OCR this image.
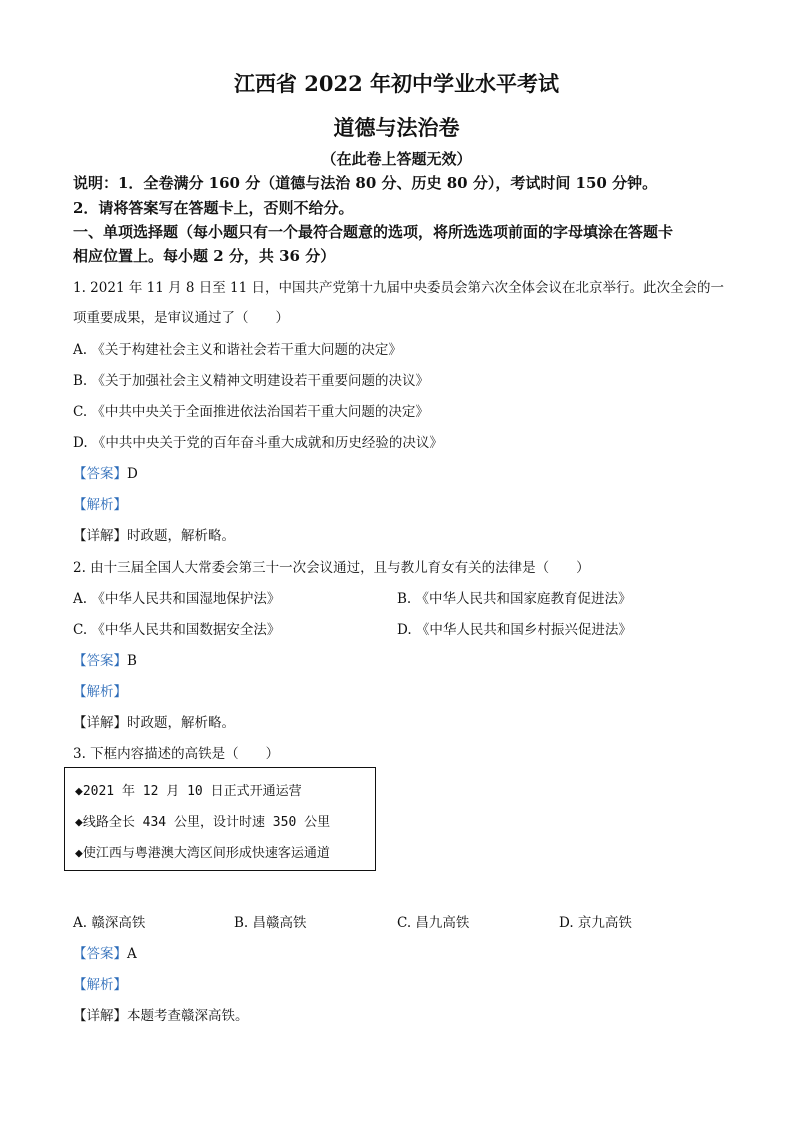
江西省 2022 年初中学业水平考试
道德与法治卷
（在此卷上答题无效）
说明：1．全卷满分 160 分（道德与法治 80 分、历史 80 分），考试时间 150 分钟。
2．请将答案写在答题卡上，否则不给分。
一、单项选择题（每小题只有一个最符合题意的选项，将所选选项前面的字母填涂在答题卡
相应位置上。每小题 2 分，共 36 分）
1. 2021 年 11 月 8 日至 11 日，中国共产党第十九届中央委员会第六次全体会议在北京举行。此次全会的一
项重要成果，是审议通过了（　　）
A. 《关于构建社会主义和谐社会若干重大问题的决定》
B. 《关于加强社会主义精神文明建设若干重要问题的决议》
C. 《中共中央关于全面推进依法治国若干重大问题的决定》
D. 《中共中央关于党的百年奋斗重大成就和历史经验的决议》
【答案】D
【解析】
【详解】时政题，解析略。
2. 由十三届全国人大常委会第三十一次会议通过，且与教儿育女有关的法律是（　　）
A. 《中华人民共和国湿地保护法》	B. 《中华人民共和国家庭教育促进法》
C. 《中华人民共和国数据安全法》	D. 《中华人民共和国乡村振兴促进法》
【答案】B
【解析】
【详解】时政题，解析略。
3. 下框内容描述的高铁是（　　）
◆2021 年 12 月 10 日正式开通运营
◆线路全长 434 公里，设计时速 350 公里
◆使江西与粤港澳大湾区间形成快速客运通道
A. 赣深高铁	B. 昌赣高铁	C. 昌九高铁	D. 京九高铁
【答案】A
【解析】
【详解】本题考查赣深高铁。
